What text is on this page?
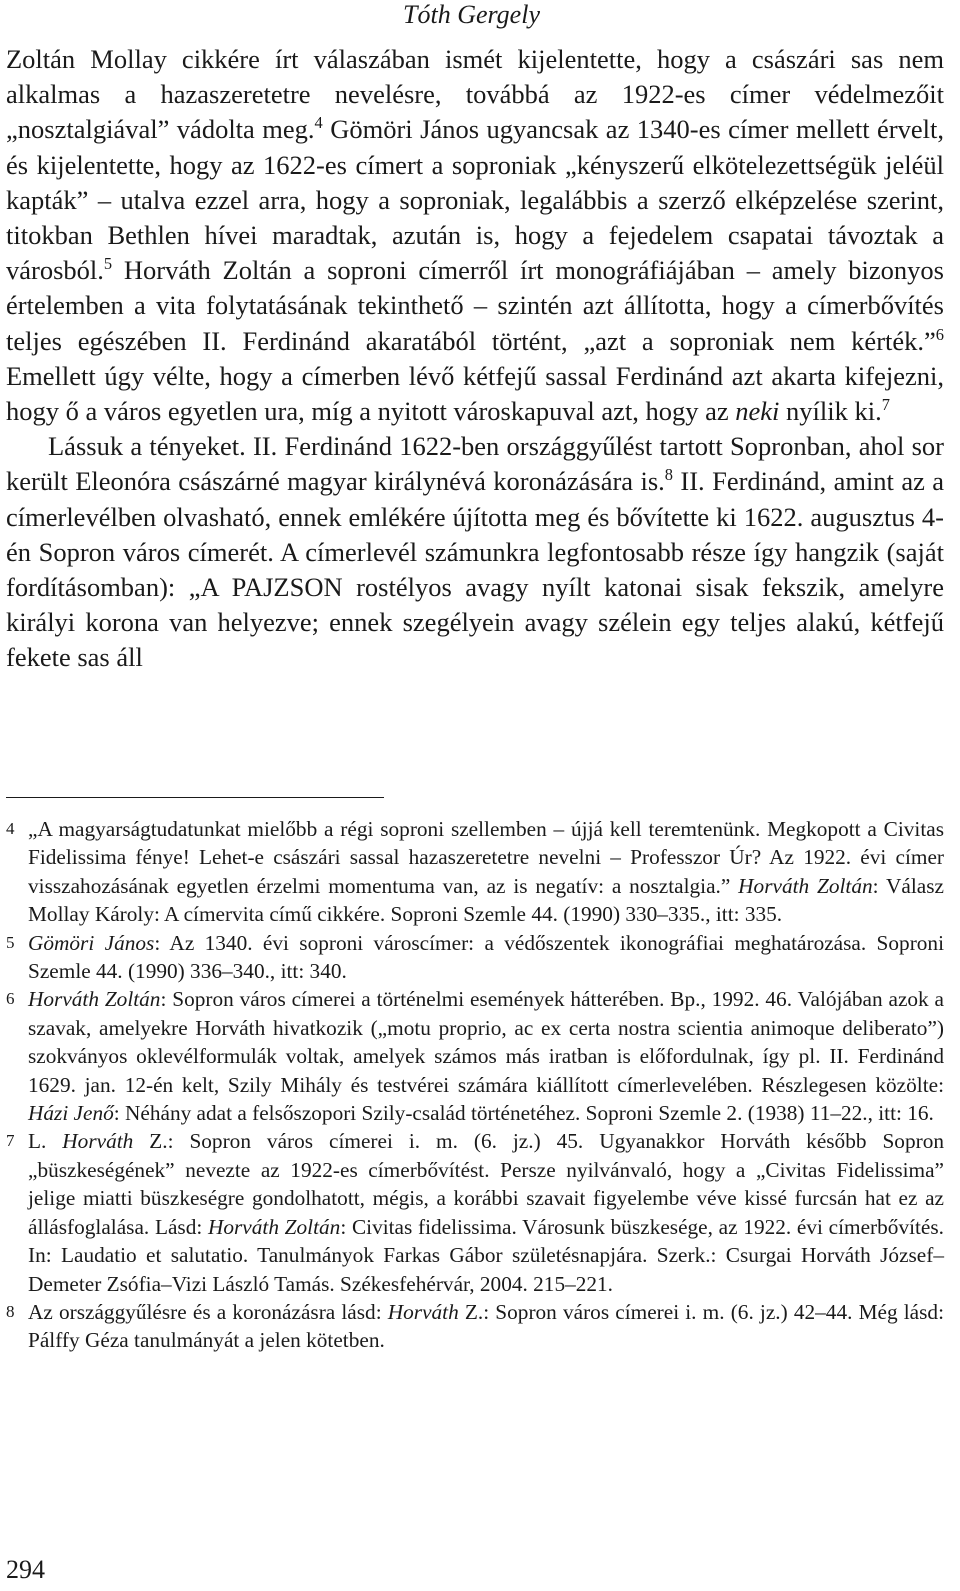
Tóth Gergely

Zoltán Mollay cikkére írt válaszában ismét kijelentette, hogy a császári sas nem alkalmas a hazaszeretetre nevelésre, továbbá az 1922-es címer védelmezőit „nosztalgiával” vádolta meg.$^4$ Gömöri János ugyancsak az 1340-es címer mellett érvelt, és kijelentette, hogy az 1622-es címert a soproniak „kényszerű elkötelezettségük jeléül kapták” – utalva ezzel arra, hogy a soproniak, legalábbis a szerző elképzelése szerint, titokban Bethlen hívei maradtak, azután is, hogy a fejedelem csapatai távoztak a városból.$^5$ Horváth Zoltán a soproni címerről írt monográfiájában – amely bizonyos értelemben a vita folytatásának tekinthető – szintén azt állította, hogy a címerbővítés teljes egészében II. Ferdinánd akaratából történt, „azt a soproniak nem kérték.”$^6$ Emellett úgy vélte, hogy a címerben lévő kétfejű sassal Ferdinánd azt akarta kifejezni, hogy ő a város egyetlen ura, míg a nyitott városkapuval azt, hogy az neki nyílik ki.$^7$

Lássuk a tényeket. II. Ferdinánd 1622-ben országgyűlést tartott Sopronban, ahol sor került Eleonóra császárné magyar királynévá koronázására is.$^8$ II. Ferdinánd, amint az a címerlevélben olvasható, ennek emlékére újította meg és bővítette ki 1622. augusztus 4-én Sopron város címerét. A címerlevél számunkra legfontosabb része így hangzik (saját fordításomban): „A PAJZSON rostélyos avagy nyílt katonai sisak fekszik, amelyre királyi korona van helyezve; ennek szegélyein avagy szélein egy teljes alakú, kétfejű fekete sas áll

4 „A magyarságtudatunkat mielőbb a régi soproni szellemben – újjá kell teremtenünk. Megkopott a Civitas Fidelissima fénye! Lehet-e császári sassal hazaszeretetre nevelni – Professzor Úr? Az 1922. évi címer visszahozásának egyetlen érzelmi momentuma van, az is negatív: a nosztalgia.” Horváth Zoltán: Válasz Mollay Károly: A címervita című cikkére. Soproni Szemle 44. (1990) 330–335., itt: 335.

5 Gömöri János: Az 1340. évi soproni városcímer: a védőszentek ikonográfiai meghatározása. Soproni Szemle 44. (1990) 336–340., itt: 340.

6 Horváth Zoltán: Sopron város címerei a történelmi események hátterében. Bp., 1992. 46. Valójában azok a szavak, amelyekre Horváth hivatkozik („motu proprio, ac ex certa nostra scientia animoque deliberato”) szokványos oklevélformulák voltak, amelyek számos más iratban is előfordulnak, így pl. II. Ferdinánd 1629. jan. 12-én kelt, Szily Mihály és testvérei számára kiállított címerlevelében. Részlegesen közölte: Házi Jenő: Néhány adat a felsőszopori Szily-család történetéhez. Soproni Szemle 2. (1938) 11–22., itt: 16.

7 L. Horváth Z.: Sopron város címerei i. m. (6. jz.) 45. Ugyanakkor Horváth később Sopron „büszkeségének” nevezte az 1922-es címerbővítést. Persze nyilvánvaló, hogy a „Civitas Fidelissima” jelige miatti büszkeségre gondolhatott, mégis, a korábbi szavait figyelembe véve kissé furcsán hat ez az állásfoglalása. Lásd: Horváth Zoltán: Civitas fidelissima. Városunk büszkesége, az 1922. évi címerbővítés. In: Laudatio et salutatio. Tanulmányok Farkas Gábor születésnapjára. Szerk.: Csurgai Horváth József–Demeter Zsófia–Vizi László Tamás. Székesfehérvár, 2004. 215–221.

8 Az országgyűlésre és a koronázásra lásd: Horváth Z.: Sopron város címerei i. m. (6. jz.) 42–44. Még lásd: Pálffy Géza tanulmányát a jelen kötetben.

294
